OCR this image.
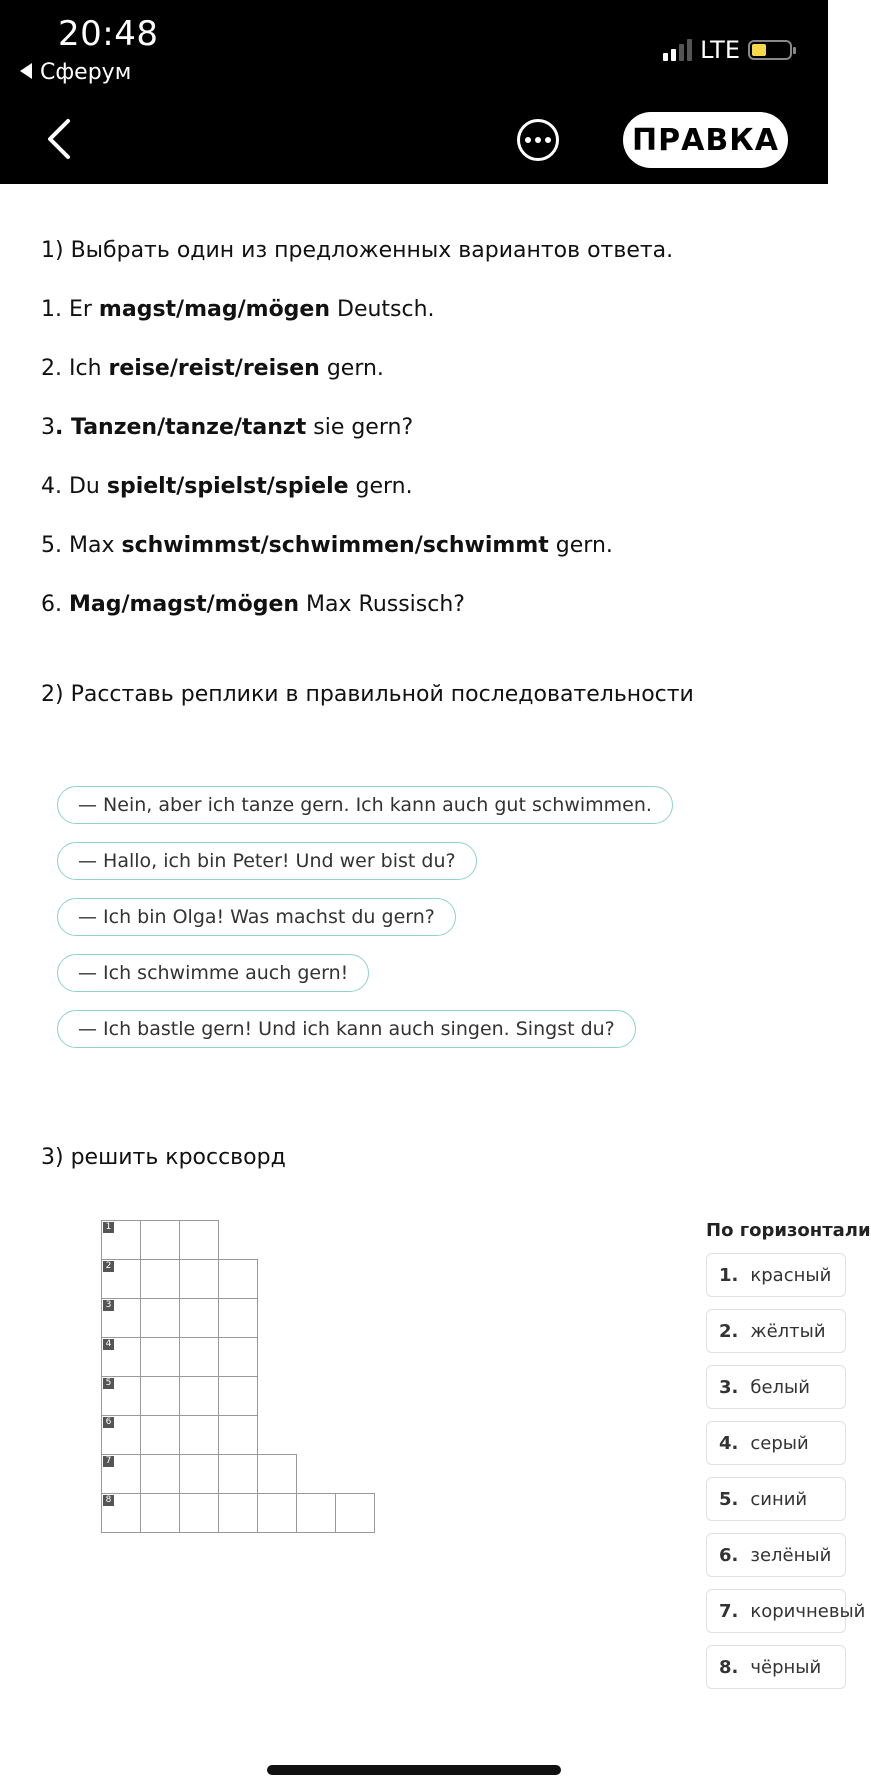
20:48
Сферум
LTE
ПРАВКА
1) Выбрать один из предложенных вариантов ответа.
1. Er magst/mag/mögen Deutsch.
2. Ich reise/reist/reisen gern.
3. Tanzen/tanze/tanzt sie gern?
4. Du spielt/spielst/spiele gern.
5. Max schwimmst/schwimmen/schwimmt gern.
6. Mag/magst/mögen Max Russisch?
2) Расставь реплики в правильной последовательности
— Nein, aber ich tanze gern. Ich kann auch gut schwimmen.
— Hallo, ich bin Peter! Und wer bist du?
— Ich bin Olga! Was machst du gern?
— Ich schwimme auch gern!
— Ich bastle gern! Und ich kann auch singen. Singst du?
3) решить кроссворд
1
2
3
4
5
6
7
8
По горизонтали
1. красный
2. жёлтый
3. белый
4. серый
5. синий
6. зелёный
7. коричневый
8. чёрный
